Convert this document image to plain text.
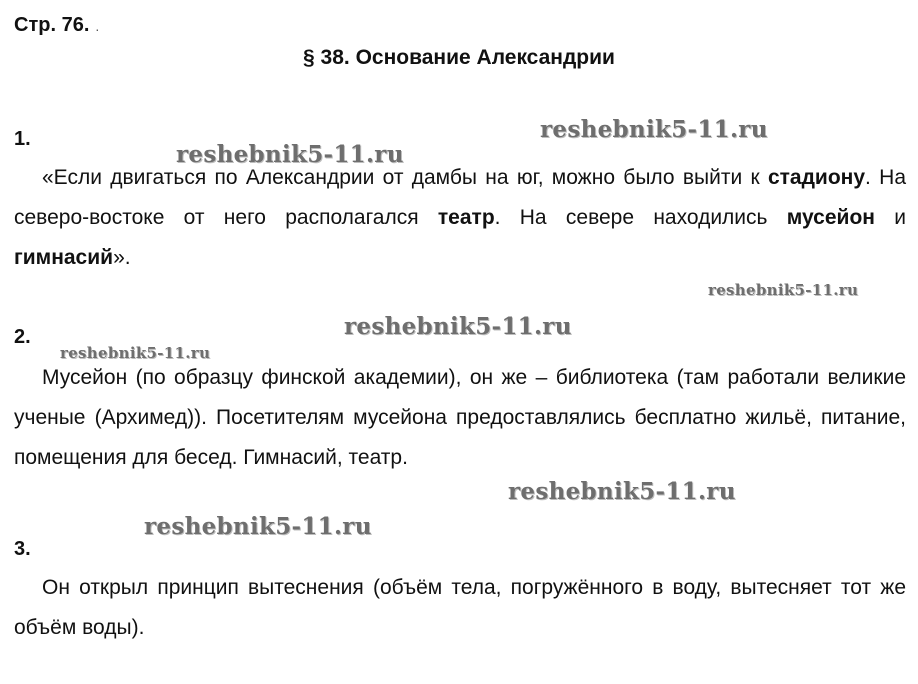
Стр. 76. .
§ 38. Основание Александрии
1.
«Если двигаться по Александрии от дамбы на юг, можно было выйти к стадиону. На северо-востоке от него располагался театр. На севере находились мусейон и гимнасий».
2.
Мусейон (по образцу финской академии), он же – библиотека (там работали великие ученые (Архимед)). Посетителям мусейона предоставлялись бесплатно жильё, питание, помещения для бесед. Гимнасий, театр.
3.
Он открыл принцип вытеснения (объём тела, погружённого в воду, вытесняет тот же объём воды).
reshebnik5-11.ru
reshebnik5-11.ru
reshebnik5-11.ru
reshebnik5-11.ru
reshebnik5-11.ru
reshebnik5-11.ru
reshebnik5-11.ru
